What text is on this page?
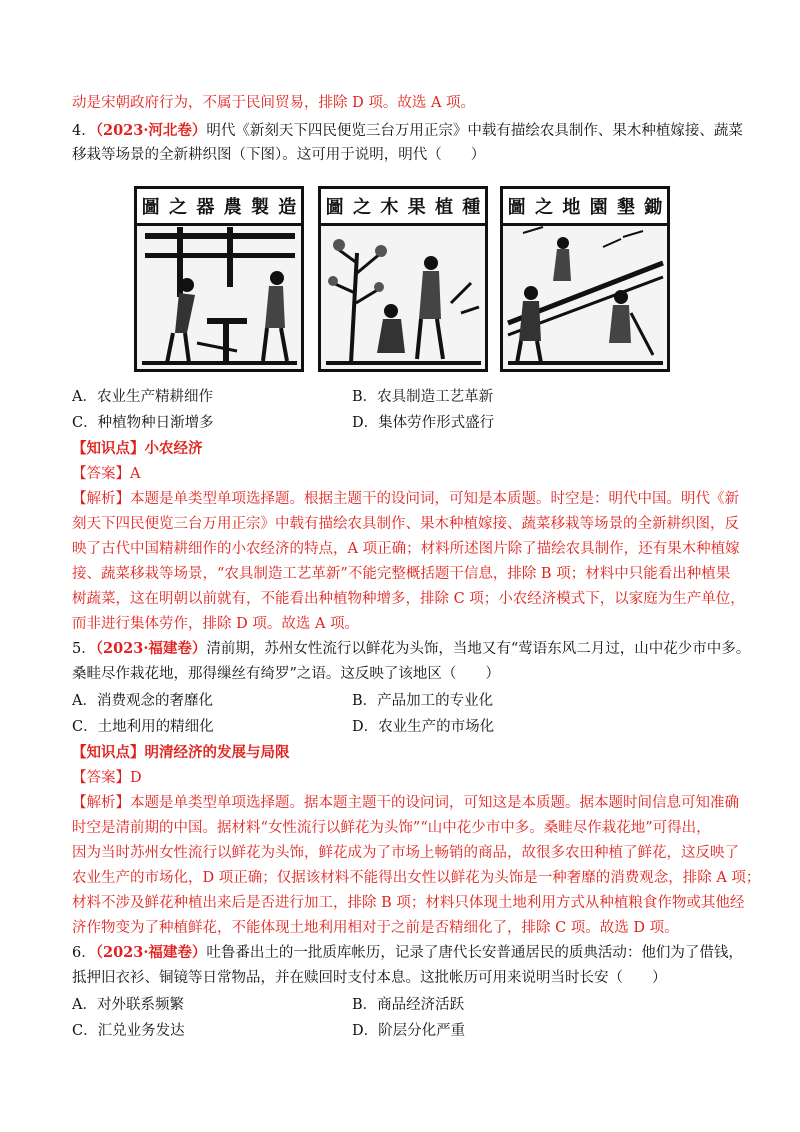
动是宋朝政府行为，不属于民间贸易，排除 D 项。故选 A 项。
4．（2023·河北卷）明代《新刻天下四民便览三台万用正宗》中载有描绘农具制作、果木种植嫁接、蔬菜
移栽等场景的全新耕织图（下图）。这可用于说明，明代（　　）
圖 之 器 農 製 造 圖 之 木 果 植 種 圖 之 地 園 墾 鋤
A．农业生产精耕细作	B．农具制造工艺革新
C．种植物种日渐增多	D．集体劳作形式盛行
【知识点】小农经济
【答案】A
【解析】本题是单类型单项选择题。根据主题干的设问词，可知是本质题。时空是：明代中国。明代《新
刻天下四民便览三台万用正宗》中载有描绘农具制作、果木种植嫁接、蔬菜移栽等场景的全新耕织图，反
映了古代中国精耕细作的小农经济的特点，A 项正确；材料所述图片除了描绘农具制作，还有果木种植嫁
接、蔬菜移栽等场景，“农具制造工艺革新”不能完整概括题干信息，排除 B 项；材料中只能看出种植果
树蔬菜，这在明朝以前就有，不能看出种植物种增多，排除 C 项；小农经济模式下，以家庭为生产单位，
而非进行集体劳作，排除 D 项。故选 A 项。
5．（2023·福建卷）清前期，苏州女性流行以鲜花为头饰，当地又有“莺语东风二月过，山中花少市中多。
桑畦尽作栽花地，那得缫丝有绮罗”之语。这反映了该地区（　　）
A．消费观念的奢靡化	B．产品加工的专业化
C．土地利用的精细化	D．农业生产的市场化
【知识点】明清经济的发展与局限
【答案】D
【解析】本题是单类型单项选择题。据本题主题干的设问词，可知这是本质题。据本题时间信息可知准确
时空是清前期的中国。据材料“女性流行以鲜花为头饰”“山中花少市中多。桑畦尽作栽花地”可得出，
因为当时苏州女性流行以鲜花为头饰，鲜花成为了市场上畅销的商品，故很多农田种植了鲜花，这反映了
农业生产的市场化，D 项正确；仅据该材料不能得出女性以鲜花为头饰是一种奢靡的消费观念，排除 A 项；
材料不涉及鲜花种植出来后是否进行加工，排除 B 项；材料只体现土地利用方式从种植粮食作物或其他经
济作物变为了种植鲜花，不能体现土地利用相对于之前是否精细化了，排除 C 项。故选 D 项。
6．（2023·福建卷）吐鲁番出土的一批质库帐历，记录了唐代长安普通居民的质典活动：他们为了借钱，
抵押旧衣衫、铜镜等日常物品，并在赎回时支付本息。这批帐历可用来说明当时长安（　　）
A．对外联系频繁	B．商品经济活跃
C．汇兑业务发达	D．阶层分化严重
